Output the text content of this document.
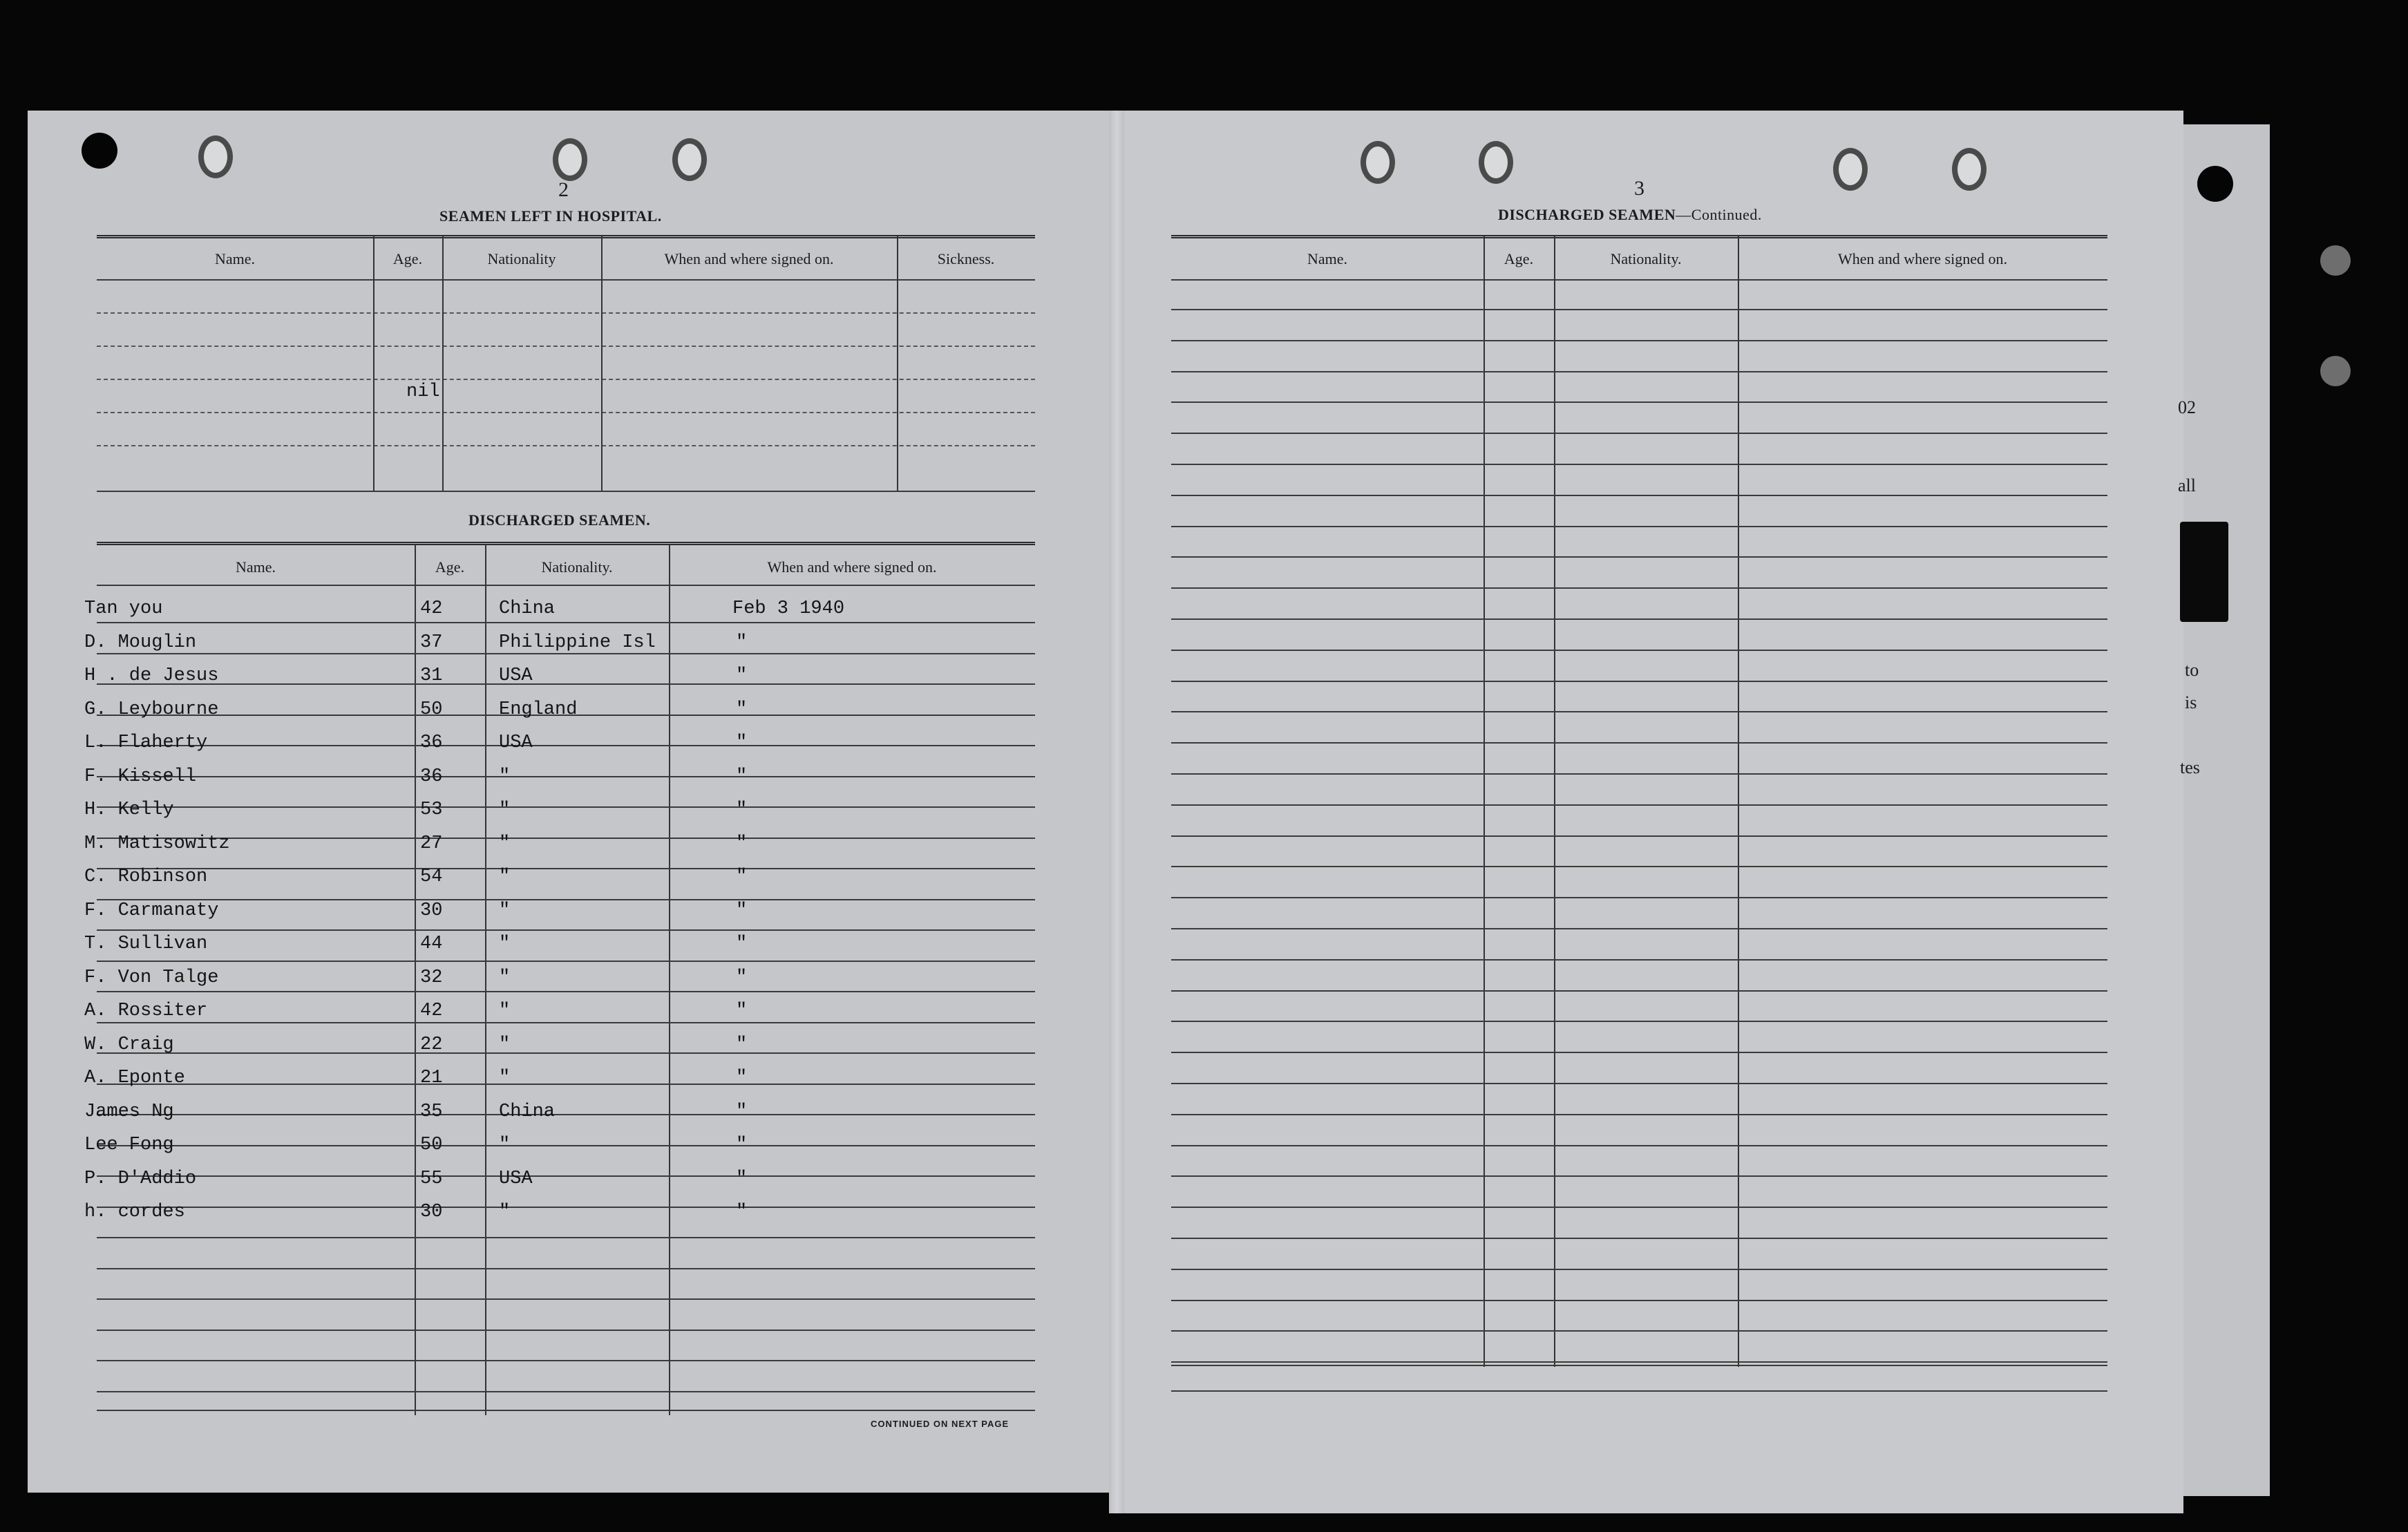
2
SEAMEN LEFT IN HOSPITAL.
Name.	Age.	Nationality	When and where signed on.	Sickness.
nil
DISCHARGED SEAMEN.
Name.	Age.	Nationality.	When and where signed on.
Tan you	42	China	Feb 3 1940
D. Mouglin	37	Philippine Isl	"
H . de Jesus	31	USA	"
G. Leybourne	50	England	"
L. Flaherty	36	USA	"
F. Kissell	36	"	"
H. Kelly	53	"	"
M. Matisowitz	27	"	"
C. Robinson	54	"	"
F. Carmanaty	30	"	"
T. Sullivan	44	"	"
F. Von Talge	32	"	"
A. Rossiter	42	"	"
W. Craig	22	"	"
A. Eponte	21	"	"
James Ng	35	China	"
Lee Fong	50	"	"
P. D'Addio	55	USA	"
h. cordes	30	"	"
CONTINUED ON NEXT PAGE
3
DISCHARGED SEAMEN—Continued.
Name.	Age.	Nationality.	When and where signed on.
02
all
to
is
tes
